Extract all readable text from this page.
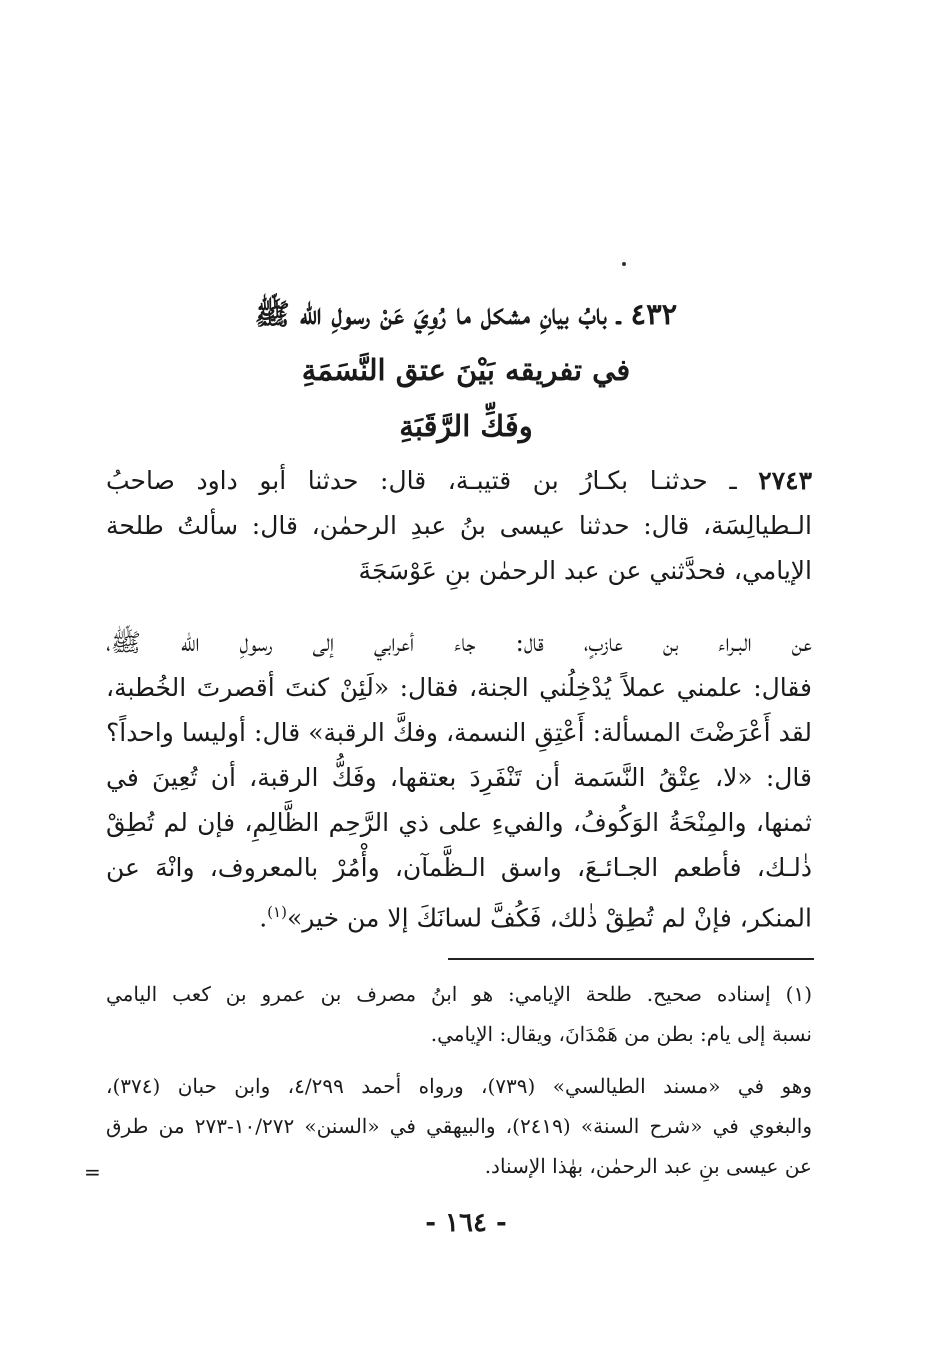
٤٣٢ ـ بابُ بيانِ مشكل ما رُوِيَ عَنْ رسولِ الله ﷺ
في تفريقه بَيْنَ عتق النَّسَمَةِ
وفَكِّ الرَّقَبَةِ
٢٧٤٣ ـ حدثنـا بكـارُ بن قتيبـة، قال: حدثنا أبو داود صاحبُ
الـطيالِسَة، قال: حدثنا عيسى بنُ عبدِ الرحمٰن، قال: سألتُ طلحة
الإيامي، فحدَّثني عن عبد الرحمٰن بنِ عَوْسَجَةَ
عن البـراء بن عازبٍ، قال: جاء أعرابي إلى رسولِ الله ﷺ،
فقال: علمني عملاً يُدْخِلُني الجنة، فقال: «لَئِنْ كنتَ أقصرتَ الخُطبة،
لقد أَعْرَضْتَ المسألة: أَعْتِقِ النسمة، وفكَّ الرقبة» قال: أوليسا واحداً؟
قال: «لا، عِتْقُ النَّسَمة أن تَنْفَرِدَ بعتقها، وفَكُّ الرقبة، أن تُعِينَ في
ثمنها، والمِنْحَةُ الوَكُوفُ، والفيءِ على ذي الرَّحِم الظَّالِمِ، فإن لم تُطِقْ
ذٰلـك، فأطعم الجـائـعَ، واسق الـظَّمآن، وأْمُرْ بالمعروف، وانْهَ عن
المنكر، فإنْ لم تُطِقْ ذٰلك، فَكُفَّ لسانَكَ إلا من خير»$^{(١)}$.
(١) إسناده صحيح. طلحة الإيامي: هو ابنُ مصرف بن عمرو بن كعب اليامي
نسبة إلى يام: بطن من هَمْدَانَ، ويقال: الإيامي.
وهو في «مسند الطيالسي» (٧٣٩)، ورواه أحمد ٤/٢٩٩، وابن حبان (٣٧٤)،
والبغوي في «شرح السنة» (٢٤١٩)، والبيهقي في «السنن» ١٠/٢٧٢-٢٧٣ من طرق
عن عيسى بنِ عبد الرحمٰن، بهٰذا الإسناد.
=
- ١٦٤ -
